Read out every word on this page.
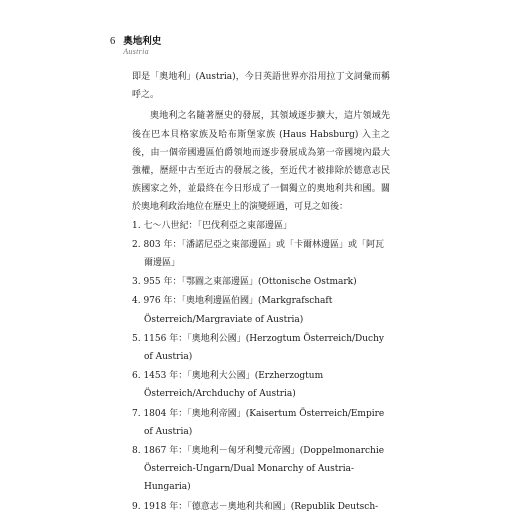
6 奧地利史
Austria

即是「奧地利」(Austria)，今日英語世界亦沿用拉丁文詞彙而稱呼之。

奧地利之名隨著歷史的發展，其領域逐步擴大，這片領域先後在巴本貝格家族及哈布斯堡家族 (Haus Habsburg) 入主之後，由一個帝國邊區伯爵領地而逐步發展成為第一帝國境內最大強權，歷經中古至近古的發展之後，至近代才被排除於德意志民族國家之外，並最終在今日形成了一個獨立的奧地利共和國。關於奧地利政治地位在歷史上的演變經過，可見之如後：

1. 七～八世紀：「巴伐利亞之東部邊區」
2. 803 年：「潘諾尼亞之東部邊區」或「卡爾林邊區」或「阿瓦爾邊區」
3. 955 年：「鄂圖之東部邊區」(Ottonische Ostmark)
4. 976 年：「奧地利邊區伯國」(Markgrafschaft Österreich/Margraviate of Austria)
5. 1156 年：「奧地利公國」(Herzogtum Österreich/Duchy of Austria)
6. 1453 年：「奧地利大公國」(Erzherzogtum Österreich/Archduchy of Austria)
7. 1804 年：「奧地利帝國」(Kaisertum Österreich/Empire of Austria)
8. 1867 年：「奧地利－匈牙利雙元帝國」(Doppelmonarchie Österreich-Ungarn/Dual Monarchy of Austria-Hungaria)
9. 1918 年：「德意志－奧地利共和國」(Republik Deutsch-
